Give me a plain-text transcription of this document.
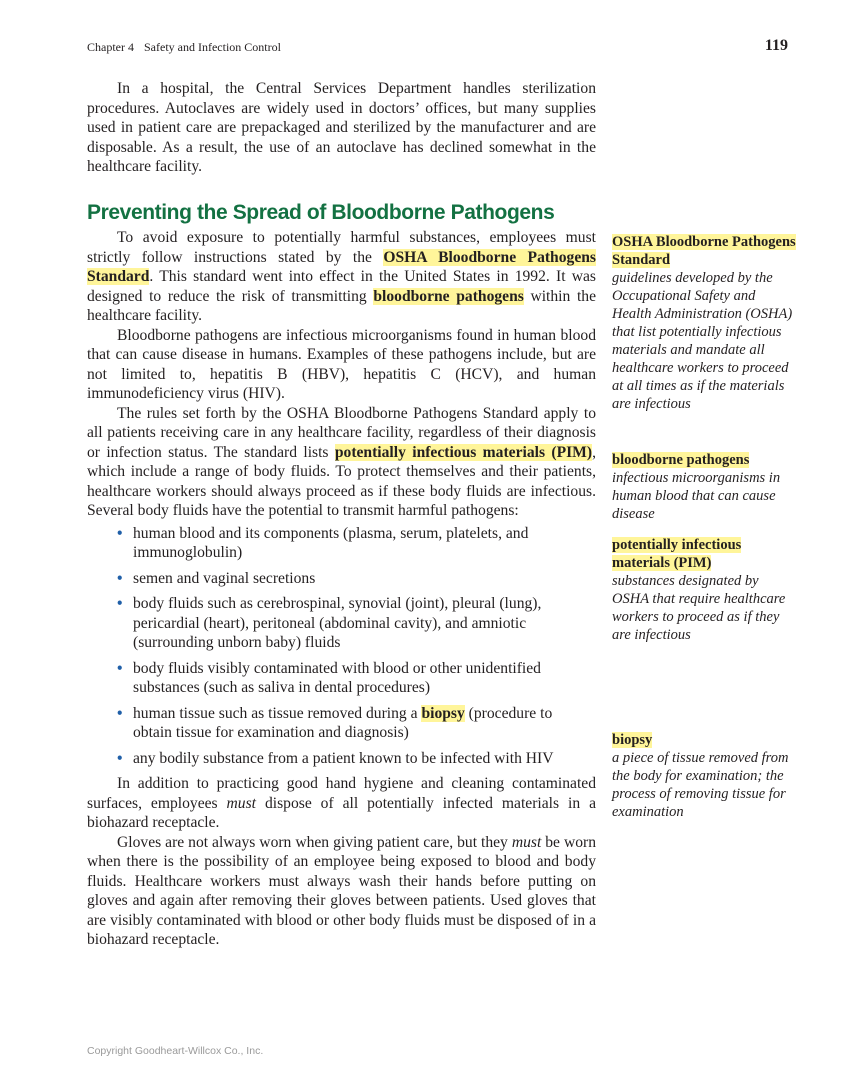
Chapter 4 Safety and Infection Control	119

In a hospital, the Central Services Department handles sterilization procedures. Autoclaves are widely used in doctors’ offices, but many supplies used in patient care are prepackaged and sterilized by the manufacturer and are disposable. As a result, the use of an autoclave has declined somewhat in the healthcare facility.

Preventing the Spread of Bloodborne Pathogens

To avoid exposure to potentially harmful substances, employees must strictly follow instructions stated by the OSHA Bloodborne Pathogens Standard. This standard went into effect in the United States in 1992. It was designed to reduce the risk of transmitting bloodborne pathogens within the healthcare facility.

Bloodborne pathogens are infectious microorganisms found in human blood that can cause disease in humans. Examples of these pathogens include, but are not limited to, hepatitis B (HBV), hepatitis C (HCV), and human immunodeficiency virus (HIV).

The rules set forth by the OSHA Bloodborne Pathogens Standard apply to all patients receiving care in any healthcare facility, regardless of their diagnosis or infection status. The standard lists potentially infectious materials (PIM), which include a range of body fluids. To protect themselves and their patients, healthcare workers should always proceed as if these body fluids are infectious. Several body fluids have the potential to transmit harmful pathogens:

• human blood and its components (plasma, serum, platelets, and immunoglobulin)
• semen and vaginal secretions
• body fluids such as cerebrospinal, synovial (joint), pleural (lung), pericardial (heart), peritoneal (abdominal cavity), and amniotic (surrounding unborn baby) fluids
• body fluids visibly contaminated with blood or other unidentified substances (such as saliva in dental procedures)
• human tissue such as tissue removed during a biopsy (procedure to obtain tissue for examination and diagnosis)
• any bodily substance from a patient known to be infected with HIV

In addition to practicing good hand hygiene and cleaning contaminated surfaces, employees must dispose of all potentially infected materials in a biohazard receptacle.

Gloves are not always worn when giving patient care, but they must be worn when there is the possibility of an employee being exposed to blood and body fluids. Healthcare workers must always wash their hands before putting on gloves and again after removing their gloves between patients. Used gloves that are visibly contaminated with blood or other body fluids must be disposed of in a biohazard receptacle.

OSHA Bloodborne Pathogens Standard
guidelines developed by the Occupational Safety and Health Administration (OSHA) that list potentially infectious materials and mandate all healthcare workers to proceed at all times as if the materials are infectious
bloodborne pathogens
infectious microorganisms in human blood that can cause disease
potentially infectious materials (PIM)
substances designated by OSHA that require healthcare workers to proceed as if they are infectious
biopsy
a piece of tissue removed from the body for examination; the process of removing tissue for examination
Copyright Goodheart-Willcox Co., Inc.
